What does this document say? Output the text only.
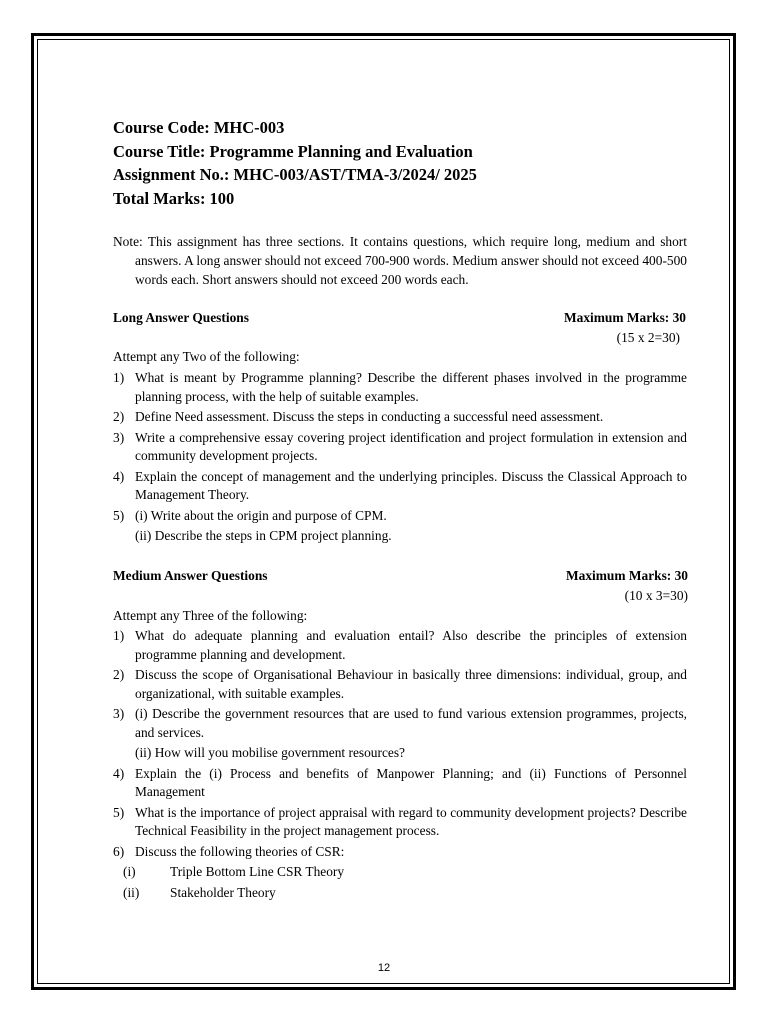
Course Code: MHC-003
Course Title: Programme Planning and Evaluation
Assignment No.: MHC-003/AST/TMA-3/2024/ 2025
Total Marks: 100
Note: This assignment has three sections. It contains questions, which require long, medium and short answers. A long answer should not exceed 700-900 words. Medium answer should not exceed 400-500 words each. Short answers should not exceed 200 words each.
Long Answer Questions	Maximum Marks: 30
(15 x 2=30)
Attempt any Two of the following:
1) What is meant by Programme planning? Describe the different phases involved in the programme planning process, with the help of suitable examples.
2) Define Need assessment. Discuss the steps in conducting a successful need assessment.
3) Write a comprehensive essay covering project identification and project formulation in extension and community development projects.
4) Explain the concept of management and the underlying principles. Discuss the Classical Approach to Management Theory.
5) (i) Write about the origin and purpose of CPM.
(ii) Describe the steps in CPM project planning.
Medium Answer Questions	Maximum Marks: 30
(10 x 3=30)
Attempt any Three of the following:
1) What do adequate planning and evaluation entail? Also describe the principles of extension programme planning and development.
2) Discuss the scope of Organisational Behaviour in basically three dimensions: individual, group, and organizational, with suitable examples.
3) (i) Describe the government resources that are used to fund various extension programmes, projects, and services.
(ii) How will you mobilise government resources?
4) Explain the (i) Process and benefits of Manpower Planning; and (ii) Functions of Personnel Management
5) What is the importance of project appraisal with regard to community development projects? Describe Technical Feasibility in the project management process.
6) Discuss the following theories of CSR:
(i)	Triple Bottom Line CSR Theory
(ii)	Stakeholder Theory
12
